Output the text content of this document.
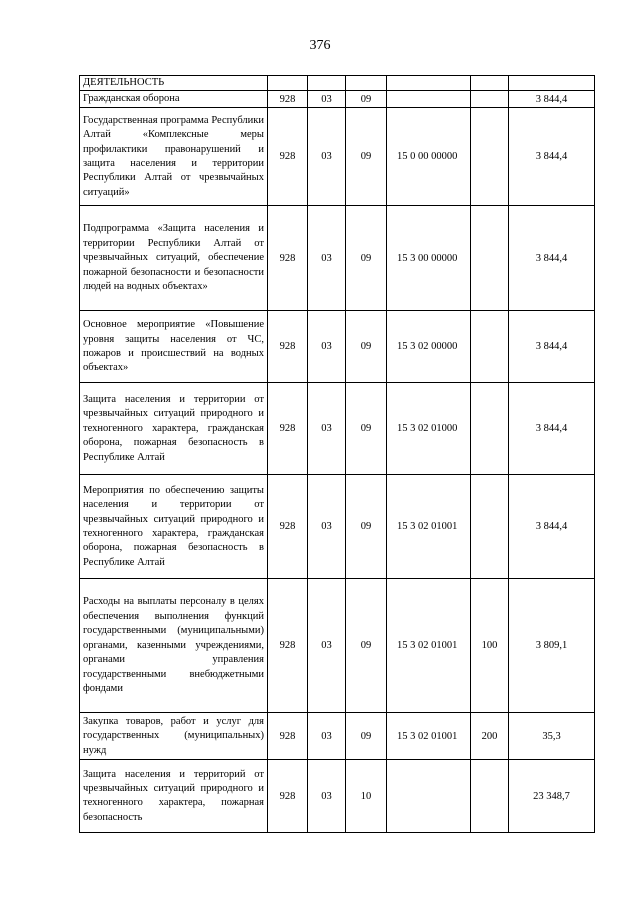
376
ДЕЯТЕЛЬНОСТЬ						
Гражданская оборона	928	03	09			3 844,4
Государственная программа Республики Алтай «Комплексные меры профилактики правонарушений и защита населения и территории Республики Алтай от чрезвычайных ситуаций»	928	03	09	15 0 00 00000		3 844,4
Подпрограмма «Защита населения и территории Республики Алтай от чрезвычайных ситуаций, обеспечение пожарной безопасности и безопасности людей на водных объектах»	928	03	09	15 3 00 00000		3 844,4
Основное мероприятие «Повышение уровня защиты населения от ЧС, пожаров и происшествий на водных объектах»	928	03	09	15 3 02 00000		3 844,4
Защита населения и территории от чрезвычайных ситуаций природного и техногенного характера, гражданская оборона, пожарная безопасность в Республике Алтай	928	03	09	15 3 02 01000		3 844,4
Мероприятия по обеспечению защиты населения и территории от чрезвычайных ситуаций природного и техногенного характера, гражданская оборона, пожарная безопасность в Республике Алтай	928	03	09	15 3 02 01001		3 844,4
Расходы на выплаты персоналу в целях обеспечения выполнения функций государственными (муниципальными) органами, казенными учреждениями, органами управления государственными внебюджетными фондами	928	03	09	15 3 02 01001	100	3 809,1
Закупка товаров, работ и услуг для государственных (муниципальных) нужд	928	03	09	15 3 02 01001	200	35,3
Защита населения и территорий от чрезвычайных ситуаций природного и техногенного характера, пожарная безопасность	928	03	10			23 348,7
